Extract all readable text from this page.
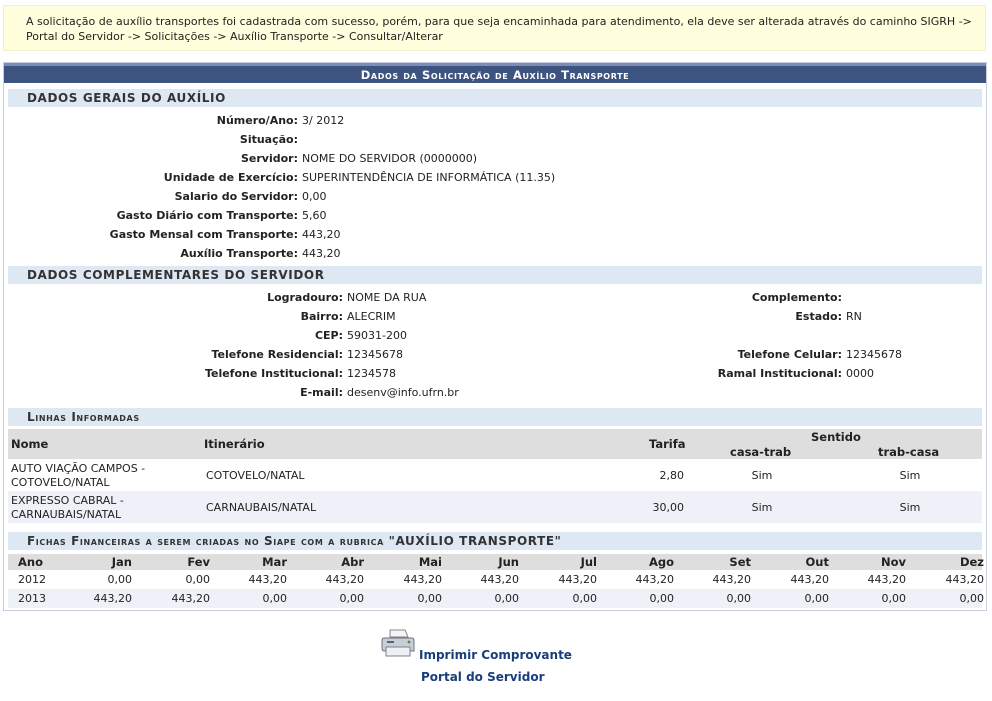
A solicitação de auxílio transportes foi cadastrada com sucesso, porém, para que seja encaminhada para atendimento, ela deve ser alterada através do caminho SIGRH -> Portal do Servidor -> Solicitações -> Auxílio Transporte -> Consultar/Alterar
Dados da Solicitação de Auxílio Transporte
DADOS GERAIS DO AUXÍLIO
Número/Ano: 3/ 2012
Situação:
Servidor: NOME DO SERVIDOR (0000000)
Unidade de Exercício: SUPERINTENDÊNCIA DE INFORMÁTICA (11.35)
Salario do Servidor: 0,00
Gasto Diário com Transporte: 5,60
Gasto Mensal com Transporte: 443,20
Auxílio Transporte: 443,20
DADOS COMPLEMENTARES DO SERVIDOR
Logradouro: NOME DA RUA
Bairro: ALECRIM
CEP: 59031-200
Telefone Residencial: 12345678
Telefone Institucional: 1234578
E-mail: desenv@info.ufrn.br
Complemento:
Estado: RN
Telefone Celular: 12345678
Ramal Institucional: 0000
Linhas Informadas
Nome	Itinerário	Tarifa	Sentido
casa-trab	trab-casa
AUTO VIAÇÃO CAMPOS -
COTOVELO/NATAL
COTOVELO/NATAL	2,80	Sim	Sim
EXPRESSO CABRAL -
CARNAUBAIS/NATAL
CARNAUBAIS/NATAL	30,00	Sim	Sim
Fichas Financeiras a serem criadas no Siape com a rubrica "AUXÍLIO TRANSPORTE"
Ano	Jan	Fev	Mar	Abr	Mai	Jun	Jul	Ago	Set	Out	Nov	Dez
2012	0,00	0,00	443,20	443,20	443,20	443,20	443,20	443,20	443,20	443,20	443,20	443,20
2013	443,20	443,20	0,00	0,00	0,00	0,00	0,00	0,00	0,00	0,00	0,00	0,00
Imprimir Comprovante
Portal do Servidor
